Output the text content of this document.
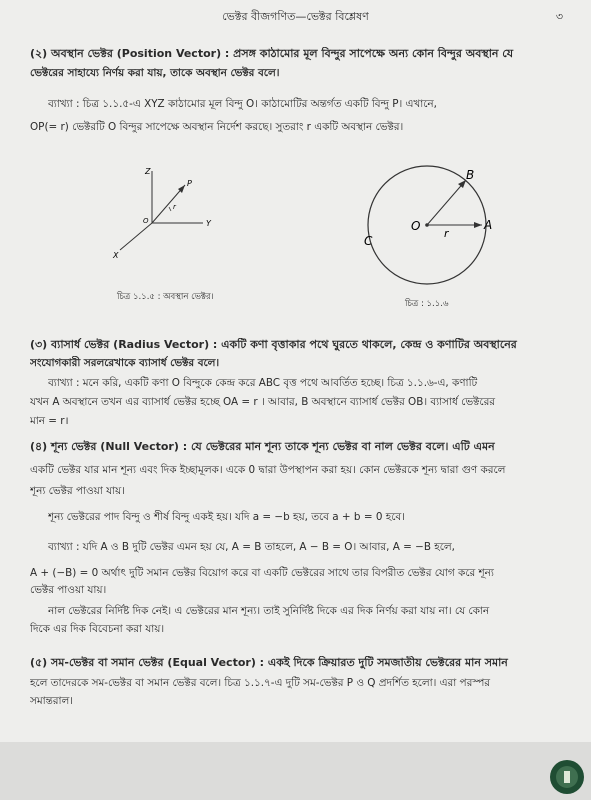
ভেক্টর বীজগণিত—ভেক্টর বিশ্লেষণ	৩
(২) অবস্থান ভেক্টর (Position Vector) : প্রসঙ্গ কাঠামোর মূল বিন্দুর সাপেক্ষে অন্য কোন বিন্দুর অবস্থান যে
ভেক্টরের সাহায্যে নির্ণয় করা যায়, তাকে অবস্থান ভেক্টর বলে।
ব্যাখ্যা : চিত্র ১.১.৫-এ XYZ কাঠামোর মূল বিন্দু O। কাঠামোটির অন্তর্গত একটি বিন্দু P। এখানে,
OP(= r) ভেক্টরটি O বিন্দুর সাপেক্ষে অবস্থান নির্দেশ করছে। সুতরাং r একটি অবস্থান ভেক্টর।
Z
Y
X
O
P
r
চিত্র ১.১.৫ : অবস্থান ভেক্টর।
O	A
B
C
r
চিত্র : ১.১.৬
(৩) ব্যাসার্ধ ভেক্টর (Radius Vector) : একটি কণা বৃত্তাকার পথে ঘুরতে থাকলে, কেন্দ্র ও কণাটির অবস্থানের
সংযোগকারী সরলরেখাকে ব্যাসার্ধ ভেক্টর বলে।
ব্যাখ্যা : মনে করি, একটি কণা O বিন্দুকে কেন্দ্র করে ABC বৃত্ত পথে আবর্তিত হচ্ছে। চিত্র ১.১.৬-এ, কণাটি
যখন A অবস্থানে তখন এর ব্যাসার্ধ ভেক্টর হচ্ছে OA = r । আবার, B অবস্থানে ব্যাসার্ধ ভেক্টর OB। ব্যাসার্ধ ভেক্টরের
মান = r।
(৪) শূন্য ভেক্টর (Null Vector) : যে ভেক্টরের মান শূন্য তাকে শূন্য ভেক্টর বা নাল ভেক্টর বলে। এটি এমন
একটি ভেক্টর যার মান শূন্য এবং দিক ইচ্ছামূলক। একে 0 দ্বারা উপস্থাপন করা হয়। কোন ভেক্টরকে শূন্য দ্বারা গুণ করলে
শূন্য ভেক্টর পাওয়া যায়।
শূন্য ভেক্টরের পাদ বিন্দু ও শীর্ষ বিন্দু একই হয়। যদি a = −b হয়, তবে a + b = 0 হবে।
ব্যাখ্যা : যদি A ও B দুটি ভেক্টর এমন হয় যে, A = B তাহলে, A − B = O। আবার, A = −B হলে,
A + (−B) = 0 অর্থাৎ দুটি সমান ভেক্টর বিয়োগ করে বা একটি ভেক্টরের সাথে তার বিপরীত ভেক্টর যোগ করে শূন্য
ভেক্টর পাওয়া যায়।
নাল ভেক্টরের নির্দিষ্ট দিক নেই। এ ভেক্টরের মান শূন্য। তাই সুনির্দিষ্ট দিকে এর দিক নির্ণয় করা যায় না। যে কোন
দিকে এর দিক বিবেচনা করা যায়।
(৫) সম-ভেক্টর বা সমান ভেক্টর (Equal Vector) : একই দিকে ক্রিয়ারত দুটি সমজাতীয় ভেক্টরের মান সমান
হলে তাদেরকে সম-ভেক্টর বা সমান ভেক্টর বলে। চিত্র ১.১.৭-এ দুটি সম-ভেক্টর P ও Q প্রদর্শিত হলো। এরা পরস্পর
সমান্তরাল।
